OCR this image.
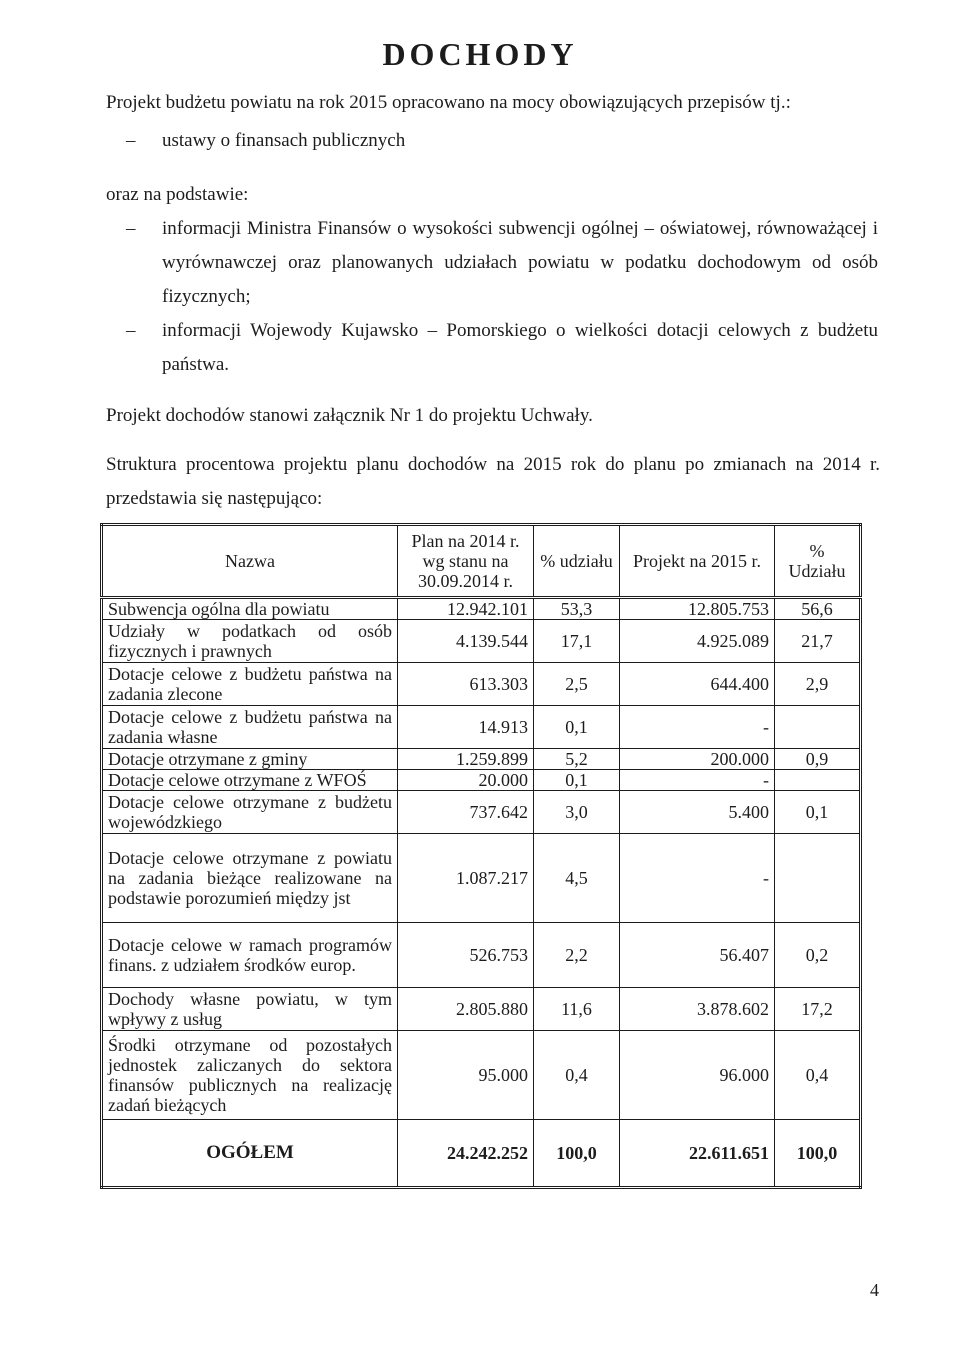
DOCHODY
Projekt budżetu powiatu na rok 2015 opracowano na mocy obowiązujących przepisów tj.:
– ustawy o finansach publicznych
oraz na podstawie:
– informacji Ministra Finansów o wysokości subwencji ogólnej – oświatowej, równoważącej i wyrównawczej oraz planowanych udziałach powiatu w podatku dochodowym od osób fizycznych;
– informacji Wojewody Kujawsko – Pomorskiego o wielkości dotacji celowych z budżetu państwa.
Projekt dochodów stanowi załącznik Nr 1 do projektu Uchwały.
Struktura procentowa projektu planu dochodów na 2015 rok do planu po zmianach na 2014 r. przedstawia się następująco:
Nazwa	Plan na 2014 r. wg stanu na 30.09.2014 r.	% udziału	Projekt na 2015 r.	% Udziału
Subwencja ogólna dla powiatu	12.942.101	53,3	12.805.753	56,6
Udziały w podatkach od osób fizycznych i prawnych	4.139.544	17,1	4.925.089	21,7
Dotacje celowe z budżetu państwa na zadania zlecone	613.303	2,5	644.400	2,9
Dotacje celowe z budżetu państwa na zadania własne	14.913	0,1	-	
Dotacje otrzymane z gminy	1.259.899	5,2	200.000	0,9
Dotacje celowe otrzymane z WFOŚ	20.000	0,1	-	
Dotacje celowe otrzymane z budżetu wojewódzkiego	737.642	3,0	5.400	0,1
Dotacje celowe otrzymane z powiatu na zadania bieżące realizowane na podstawie porozumień między jst	1.087.217	4,5	-	
Dotacje celowe w ramach programów finans. z udziałem środków europ.	526.753	2,2	56.407	0,2
Dochody własne powiatu, w tym wpływy z usług	2.805.880	11,6	3.878.602	17,2
Środki otrzymane od pozostałych jednostek zaliczanych do sektora finansów publicznych na realizację zadań bieżących	95.000	0,4	96.000	0,4
OGÓŁEM	24.242.252	100,0	22.611.651	100,0
4
